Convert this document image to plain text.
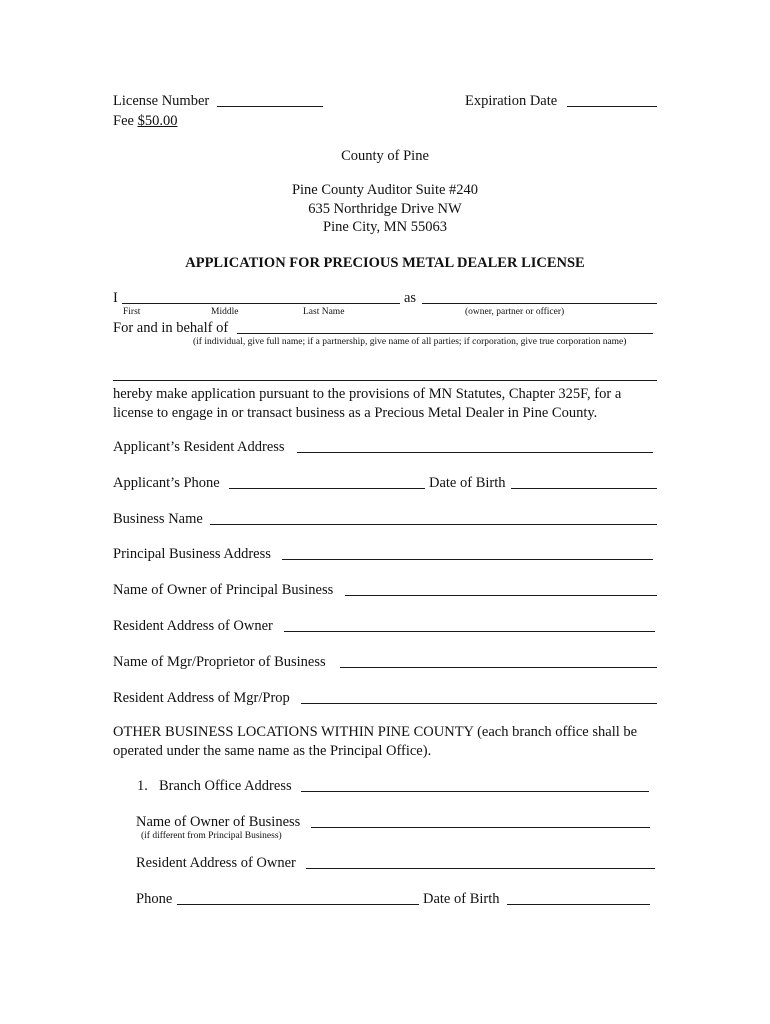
License Number	Expiration Date
Fee $50.00
County of Pine
Pine County Auditor Suite #240
635 Northridge Drive NW
Pine City, MN 55063
APPLICATION FOR PRECIOUS METAL DEALER LICENSE
I	as
First	Middle	Last Name	(owner, partner or officer)
For and in behalf of
(if individual, give full name; if a partnership, give name of all parties; if corporation, give true corporation name)
hereby make application pursuant to the provisions of MN Statutes, Chapter 325F, for a license to engage in or transact business as a Precious Metal Dealer in Pine County.
Applicant’s Resident Address
Applicant’s Phone	Date of Birth
Business Name
Principal Business Address
Name of Owner of Principal Business
Resident Address of Owner
Name of Mgr/Proprietor of Business
Resident Address of Mgr/Prop
OTHER BUSINESS LOCATIONS WITHIN PINE COUNTY (each branch office shall be operated under the same name as the Principal Office).
1. Branch Office Address
Name of Owner of Business
(if different from Principal Business)
Resident Address of Owner
Phone	Date of Birth
